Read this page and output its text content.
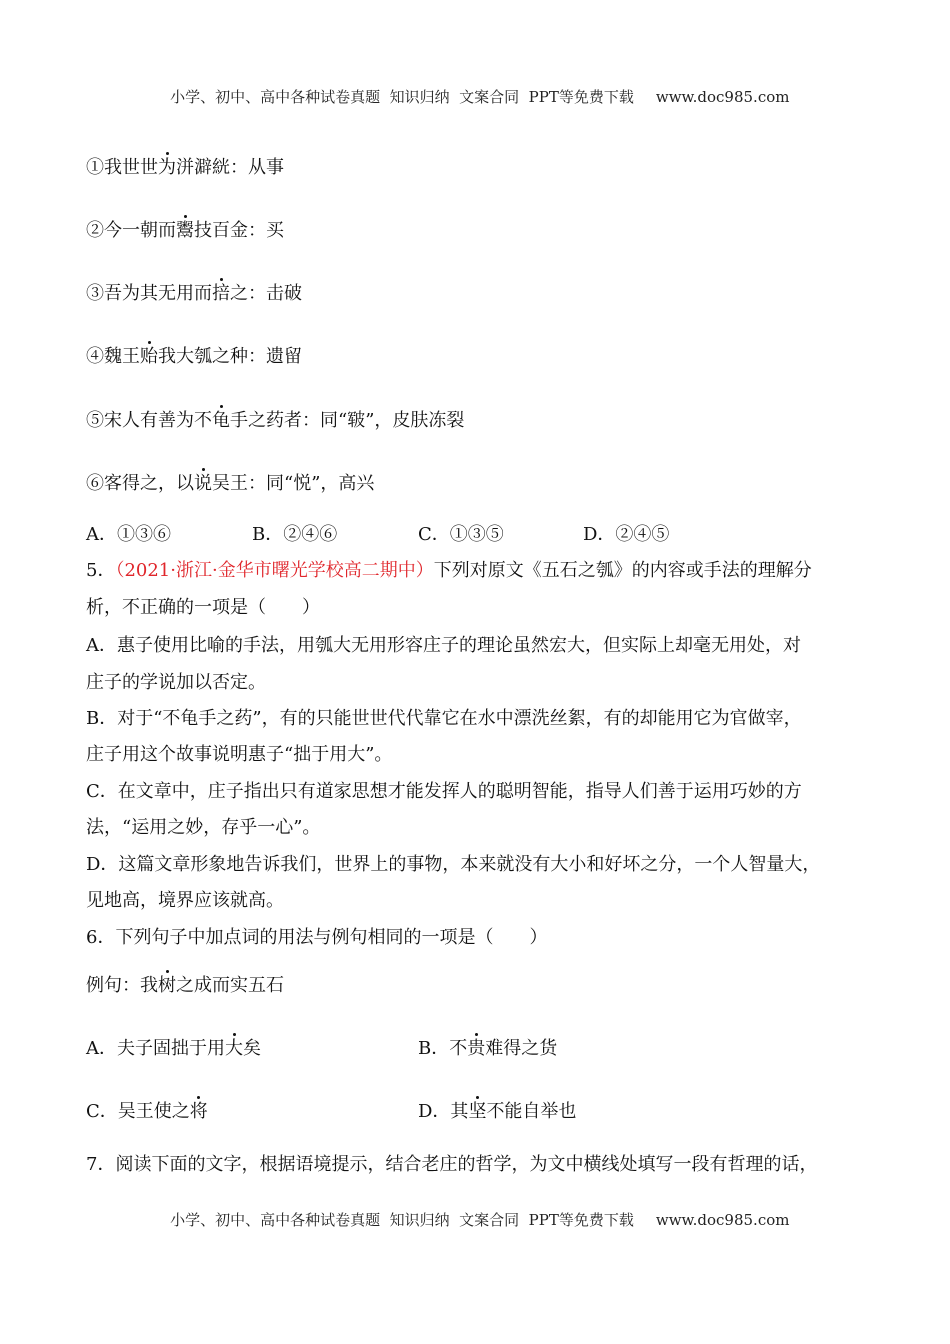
小学、初中、高中各种试卷真题  知识归纳  文案合同  PPT等免费下载 www.doc985.com

①我世世为洴澼絖：从事
②今一朝而鬻技百金：买
③吾为其无用而掊之：击破
④魏王贻我大瓠之种：遗留
⑤宋人有善为不龟手之药者：同“皲”，皮肤冻裂
⑥客得之，以说吴王：同“悦”，高兴
A．①③⑥	B．②④⑥	C．①③⑤	D．②④⑤
5．（2021·浙江·金华市曙光学校高二期中）下列对原文《五石之瓠》的内容或手法的理解分
析，不正确的一项是（　　）
A．惠子使用比喻的手法，用瓠大无用形容庄子的理论虽然宏大，但实际上却毫无用处，对
庄子的学说加以否定。
B．对于“不龟手之药”，有的只能世世代代靠它在水中漂洗丝絮，有的却能用它为官做宰，
庄子用这个故事说明惠子“拙于用大”。
C．在文章中，庄子指出只有道家思想才能发挥人的聪明智能，指导人们善于运用巧妙的方
法，“运用之妙，存乎一心”。
D．这篇文章形象地告诉我们，世界上的事物，本来就没有大小和好坏之分，一个人智量大，
见地高，境界应该就高。
6．下列句子中加点词的用法与例句相同的一项是（　　）
例句：我树之成而实五石
A．夫子固拙于用大矣	B．不贵难得之货
C．吴王使之将	D．其坚不能自举也
7．阅读下面的文字，根据语境提示，结合老庄的哲学，为文中横线处填写一段有哲理的话，

小学、初中、高中各种试卷真题  知识归纳  文案合同  PPT等免费下载 www.doc985.com
